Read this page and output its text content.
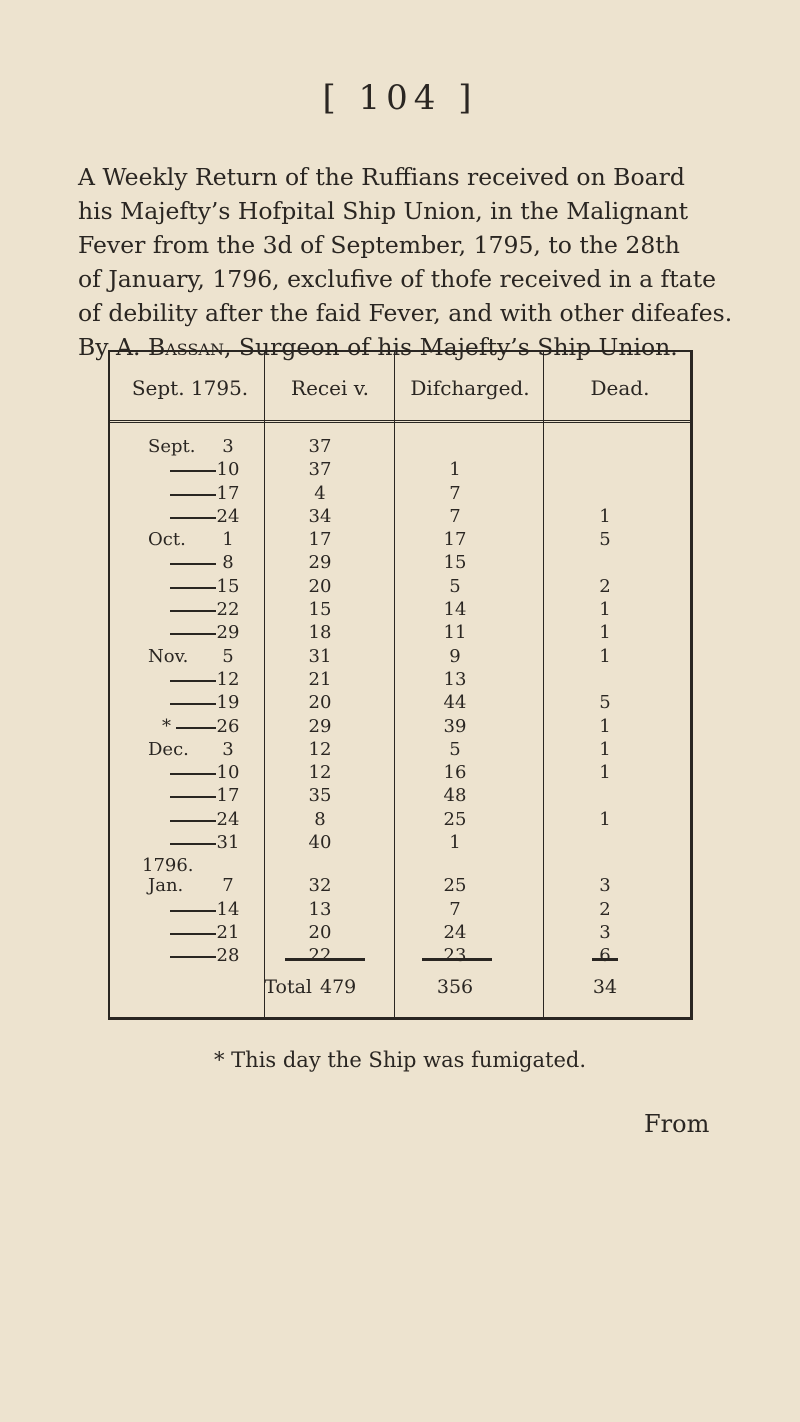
[ 104 ]
A Weekly Return of the Ruffians received on Board
his Majefty’s Hofpital Ship Union, in the Malignant
Fever from the 3d of September, 1795, to the 28th
of January, 1796, exclufive of thofe received in a ftate
of debility after the faid Fever, and with other difeafes.
By A. Bassan, Surgeon of his Majefty’s Ship Union.
Sept. 1795.	Recei v.	Difcharged.	Dead.
Sept.	3	37
10	37	1
17	4	7
24	34	7	1
Oct.	1	17	17	5
8	29	15
15	20	5	2
22	15	14	1
29	18	11	1
Nov.	5	31	9	1
12	21	13
19	20	44	5
*	26	29	39	1
Dec.	3	12	5	1
10	12	16	1
17	35	48
24	8	25	1
31	40	1
1796.
Jan.	7	32	25	3
14	13	7	2
21	20	24	3
28	22	23	6
Total 479	356	34
* This day the Ship was fumigated.
From
